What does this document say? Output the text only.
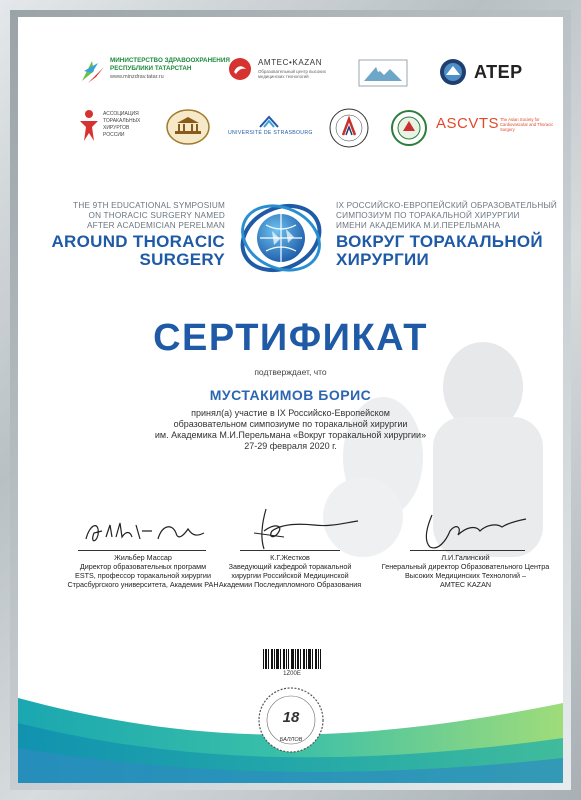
МИНИСТЕРСТВО ЗДРАВООХРАНЕНИЯ
РЕСПУБЛИКИ ТАТАРСТАН
www.minzdrav.tatar.ru
AMTEC•KAZAN
Образовательный центр высоких медицинских технологий	ATEP
АССОЦИАЦИЯ
ТОРАКАЛЬНЫХ
ХИРУРГОВ
РОССИИ	UNIVERSITÉ DE STRASBOURG
ASCVTS The Asian Society for Cardiovascular and Thoracic Surgery
THE 9TH EDUCATIONAL SYMPOSIUM
ON THORACIC SURGERY NAMED
AFTER ACADEMICIAN PERELMAN
AROUND THORACIC
SURGERY
IX РОССИЙСКО-ЕВРОПЕЙСКИЙ ОБРАЗОВАТЕЛЬНЫЙ
СИМПОЗИУМ ПО ТОРАКАЛЬНОЙ ХИРУРГИИ
ИМЕНИ АКАДЕМИКА М.И.ПЕРЕЛЬМАНА
ВОКРУГ ТОРАКАЛЬНОЙ
ХИРУРГИИ
СЕРТИФИКАТ
подтверждает, что
МУСТАКИМОВ БОРИС
принял(а) участие в IX Российско-Европейском
образовательном симпозиуме по торакальной хирургии
им. Академика М.И.Перельмана «Вокруг торакальной хирургии»
27-29 февраля 2020 г.
Жильбер Массар
Директор образовательных программ
ESTS, профессор торакальной хирургии
Страсбургского университета, Академик РАН
К.Г.Жестков
Заведующий кафедрой торакальной
хирургии Российской Медицинской
Академии Последипломного Образования
Л.И.Галинский
Генеральный директор Образовательного Центра
Высоких Медицинских Технологий –
AMTEC KAZAN
1Z00E
18
БАЛЛОВ
